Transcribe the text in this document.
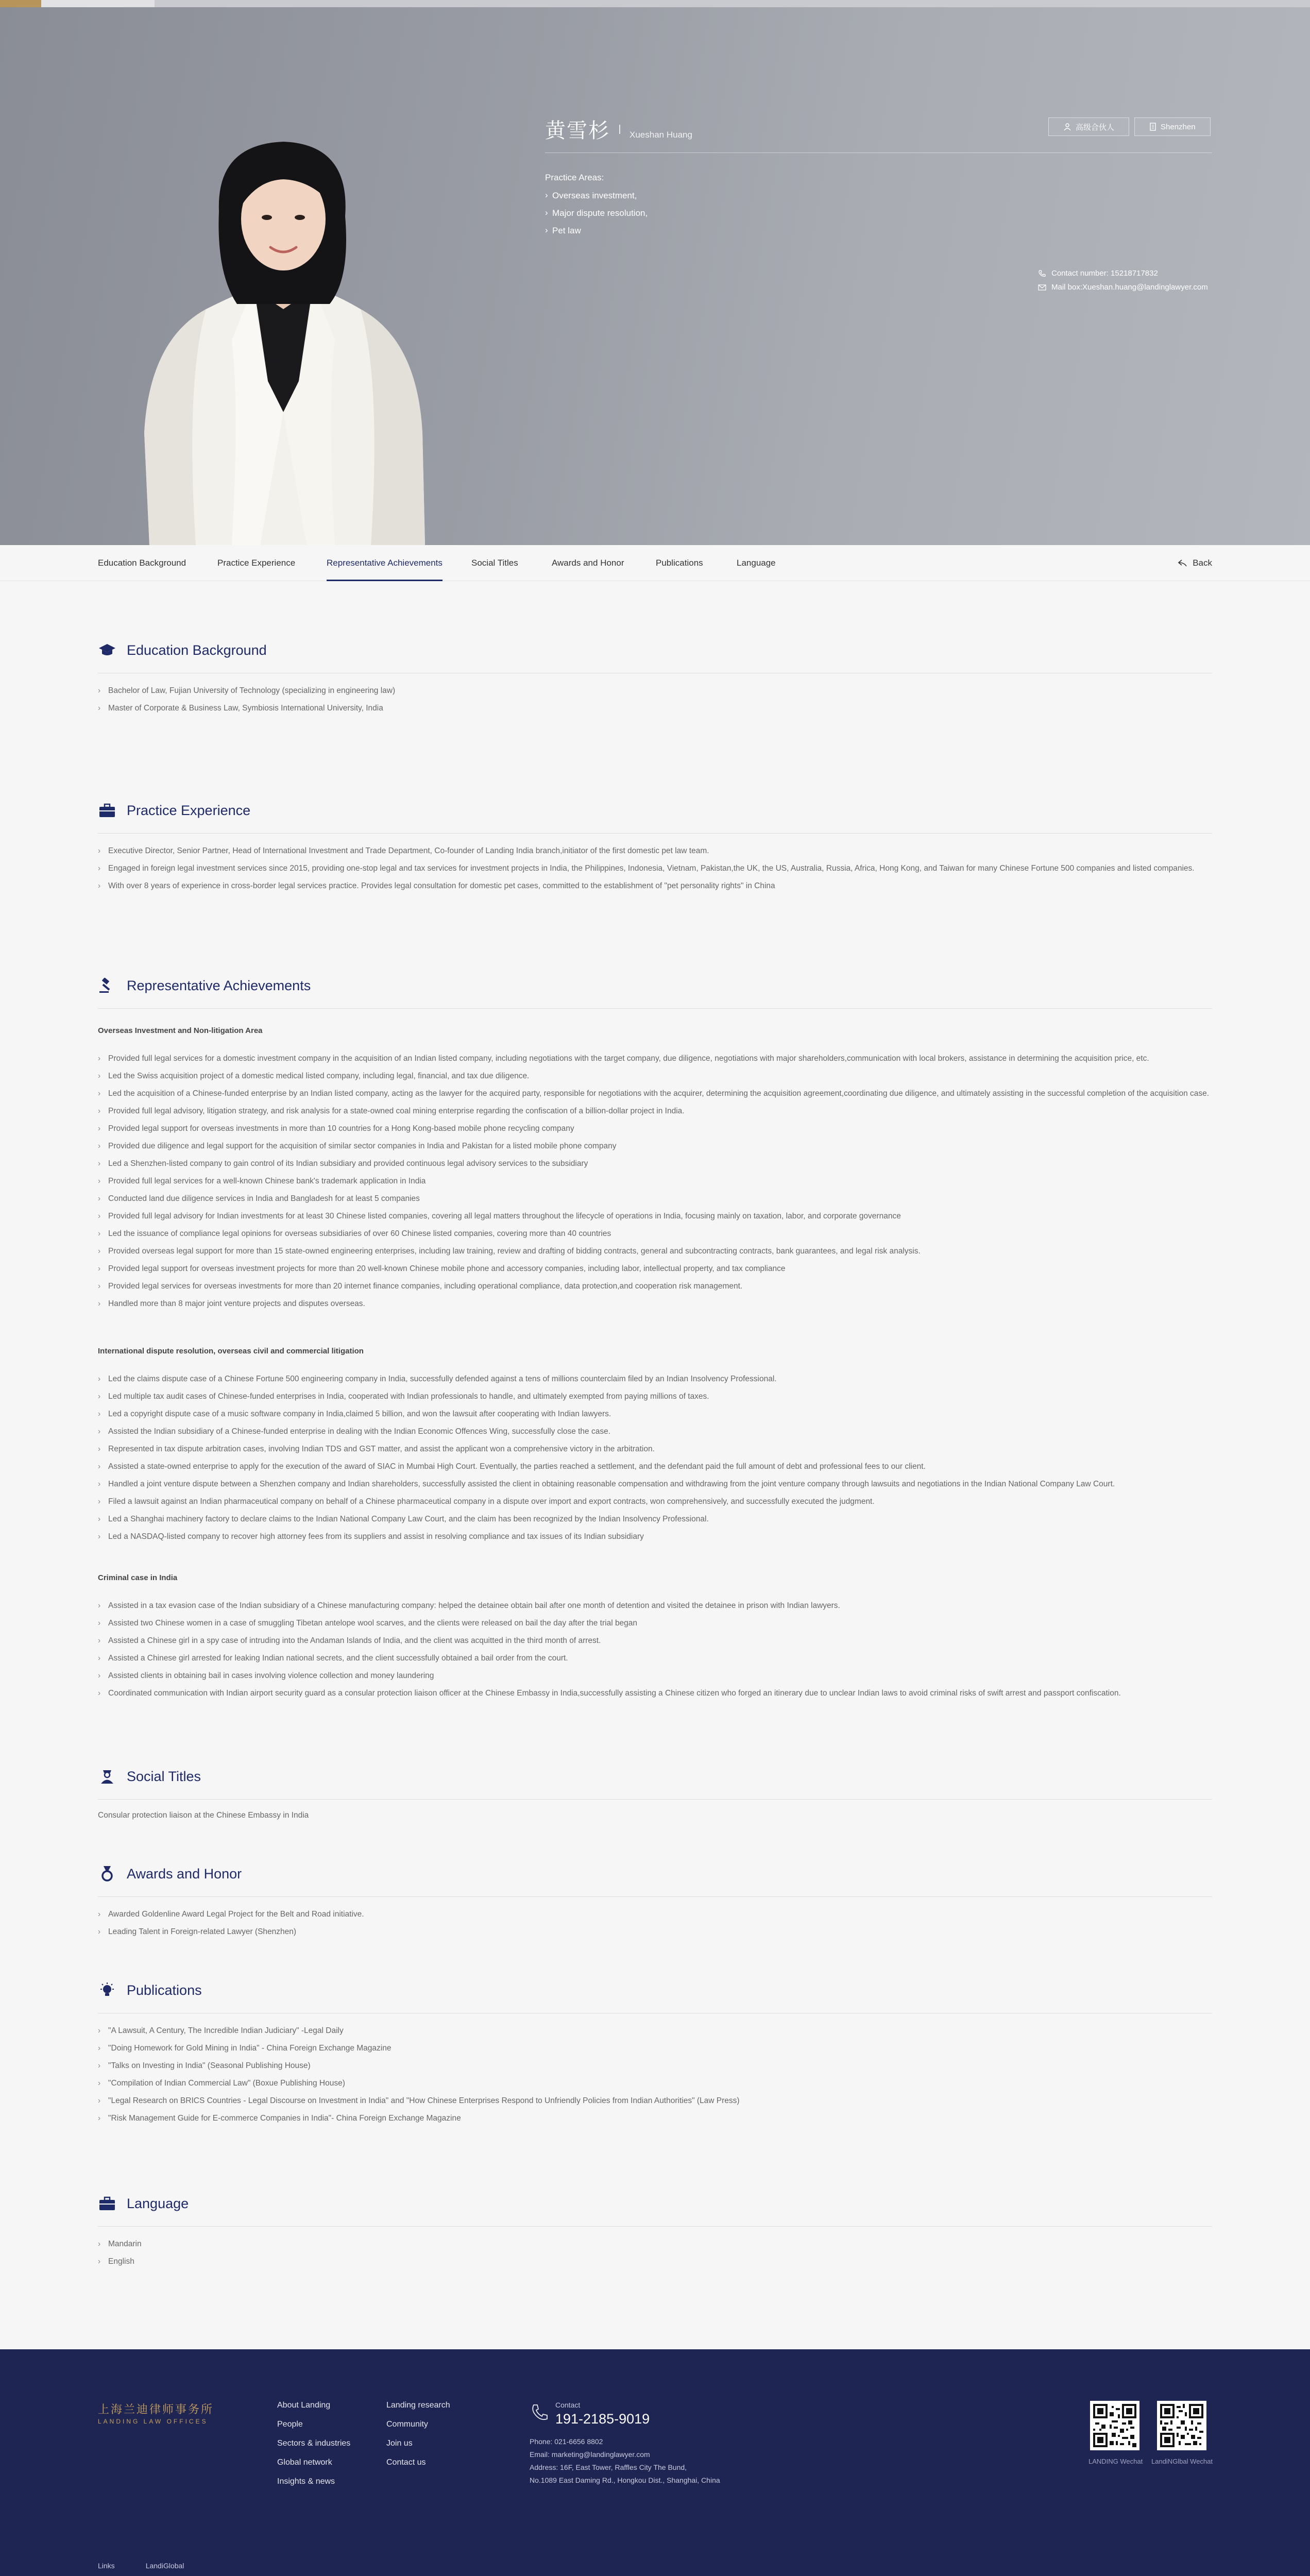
黄雪杉 Xueshan Huang
高级合伙人	Shenzhen
Practice Areas:
› Overseas investment,
› Major dispute resolution,
› Pet law
Contact number: 15218717832
Mail box:Xueshan.huang@landinglawyer.com
Education Background	Practice Experience	Representative Achievements	Social Titles	Awards and Honor	Publications	Language	Back
Education Background
› Bachelor of Law, Fujian University of Technology (specializing in engineering law)
› Master of Corporate & Business Law, Symbiosis International University, India
Practice Experience
› Executive Director, Senior Partner, Head of International Investment and Trade Department, Co-founder of Landing India branch,initiator of the first domestic pet law team.
› Engaged in foreign legal investment services since 2015, providing one-stop legal and tax services for investment projects in India, the Philippines, Indonesia, Vietnam, Pakistan,the UK, the US, Australia, Russia, Africa, Hong Kong, and Taiwan for many Chinese Fortune 500 companies and listed companies.
› With over 8 years of experience in cross-border legal services practice. Provides legal consultation for domestic pet cases, committed to the establishment of "pet personality rights" in China
Representative Achievements
Overseas Investment and Non-litigation Area
› Provided full legal services for a domestic investment company in the acquisition of an Indian listed company, including negotiations with the target company, due diligence, negotiations with major shareholders,communication with local brokers, assistance in determining the acquisition price, etc.
› Led the Swiss acquisition project of a domestic medical listed company, including legal, financial, and tax due diligence.
› Led the acquisition of a Chinese-funded enterprise by an Indian listed company, acting as the lawyer for the acquired party, responsible for negotiations with the acquirer, determining the acquisition agreement,coordinating due diligence, and ultimately assisting in the successful completion of the acquisition case.
› Provided full legal advisory, litigation strategy, and risk analysis for a state-owned coal mining enterprise regarding the confiscation of a billion-dollar project in India.
› Provided legal support for overseas investments in more than 10 countries for a Hong Kong-based mobile phone recycling company
› Provided due diligence and legal support for the acquisition of similar sector companies in India and Pakistan for a listed mobile phone company
› Led a Shenzhen-listed company to gain control of its Indian subsidiary and provided continuous legal advisory services to the subsidiary
› Provided full legal services for a well-known Chinese bank's trademark application in India
› Conducted land due diligence services in India and Bangladesh for at least 5 companies
› Provided full legal advisory for Indian investments for at least 30 Chinese listed companies, covering all legal matters throughout the lifecycle of operations in India, focusing mainly on taxation, labor, and corporate governance
› Led the issuance of compliance legal opinions for overseas subsidiaries of over 60 Chinese listed companies, covering more than 40 countries
› Provided overseas legal support for more than 15 state-owned engineering enterprises, including law training, review and drafting of bidding contracts, general and subcontracting contracts, bank guarantees, and legal risk analysis.
› Provided legal support for overseas investment projects for more than 20 well-known Chinese mobile phone and accessory companies, including labor, intellectual property, and tax compliance
› Provided legal services for overseas investments for more than 20 internet finance companies, including operational compliance, data protection,and cooperation risk management.
› Handled more than 8 major joint venture projects and disputes overseas.
International dispute resolution, overseas civil and commercial litigation
› Led the claims dispute case of a Chinese Fortune 500 engineering company in India, successfully defended against a tens of millions counterclaim filed by an Indian Insolvency Professional.
› Led multiple tax audit cases of Chinese-funded enterprises in India, cooperated with Indian professionals to handle, and ultimately exempted from paying millions of taxes.
› Led a copyright dispute case of a music software company in India,claimed 5 billion, and won the lawsuit after cooperating with Indian lawyers.
› Assisted the Indian subsidiary of a Chinese-funded enterprise in dealing with the Indian Economic Offences Wing, successfully close the case.
› Represented in tax dispute arbitration cases, involving Indian TDS and GST matter, and assist the applicant won a comprehensive victory in the arbitration.
› Assisted a state-owned enterprise to apply for the execution of the award of SIAC in Mumbai High Court. Eventually, the parties reached a settlement, and the defendant paid the full amount of debt and professional fees to our client.
› Handled a joint venture dispute between a Shenzhen company and Indian shareholders, successfully assisted the client in obtaining reasonable compensation and withdrawing from the joint venture company through lawsuits and negotiations in the Indian National Company Law Court.
› Filed a lawsuit against an Indian pharmaceutical company on behalf of a Chinese pharmaceutical company in a dispute over import and export contracts, won comprehensively, and successfully executed the judgment.
› Led a Shanghai machinery factory to declare claims to the Indian National Company Law Court, and the claim has been recognized by the Indian Insolvency Professional.
› Led a NASDAQ-listed company to recover high attorney fees from its suppliers and assist in resolving compliance and tax issues of its Indian subsidiary
Criminal case in India
› Assisted in a tax evasion case of the Indian subsidiary of a Chinese manufacturing company: helped the detainee obtain bail after one month of detention and visited the detainee in prison with Indian lawyers.
› Assisted two Chinese women in a case of smuggling Tibetan antelope wool scarves, and the clients were released on bail the day after the trial began
› Assisted a Chinese girl in a spy case of intruding into the Andaman Islands of India, and the client was acquitted in the third month of arrest.
› Assisted a Chinese girl arrested for leaking Indian national secrets, and the client successfully obtained a bail order from the court.
› Assisted clients in obtaining bail in cases involving violence collection and money laundering
› Coordinated communication with Indian airport security guard as a consular protection liaison officer at the Chinese Embassy in India,successfully assisting a Chinese citizen who forged an itinerary due to unclear Indian laws to avoid criminal risks of swift arrest and passport confiscation.
Social Titles
Consular protection liaison at the Chinese Embassy in India
Awards and Honor
› Awarded Goldenline Award Legal Project for the Belt and Road initiative.
› Leading Talent in Foreign-related Lawyer (Shenzhen)
Publications
› "A Lawsuit, A Century, The Incredible Indian Judiciary" -Legal Daily
› "Doing Homework for Gold Mining in India" - China Foreign Exchange Magazine
› "Talks on Investing in India" (Seasonal Publishing House)
› "Compilation of Indian Commercial Law" (Boxue Publishing House)
› "Legal Research on BRICS Countries - Legal Discourse on Investment in India" and "How Chinese Enterprises Respond to Unfriendly Policies from Indian Authorities" (Law Press)
› "Risk Management Guide for E-commerce Companies in India"- China Foreign Exchange Magazine
Language
› Mandarin
› English
上海兰迪律师事务所
LANDING LAW OFFICES
About Landing
People
Sectors & industries
Global network
Insights & news
Landing research
Community
Join us
Contact us
Contact
191-2185-9019
Phone: 021-6656 8802
Email: marketing@landinglawyer.com
Address: 16F, East Tower, Raffles City The Bund,
No.1089 East Daming Rd., Hongkou Dist., Shanghai, China
LANDING Wechat LandiNGlbal Wechat
Links	LandiGlobal
